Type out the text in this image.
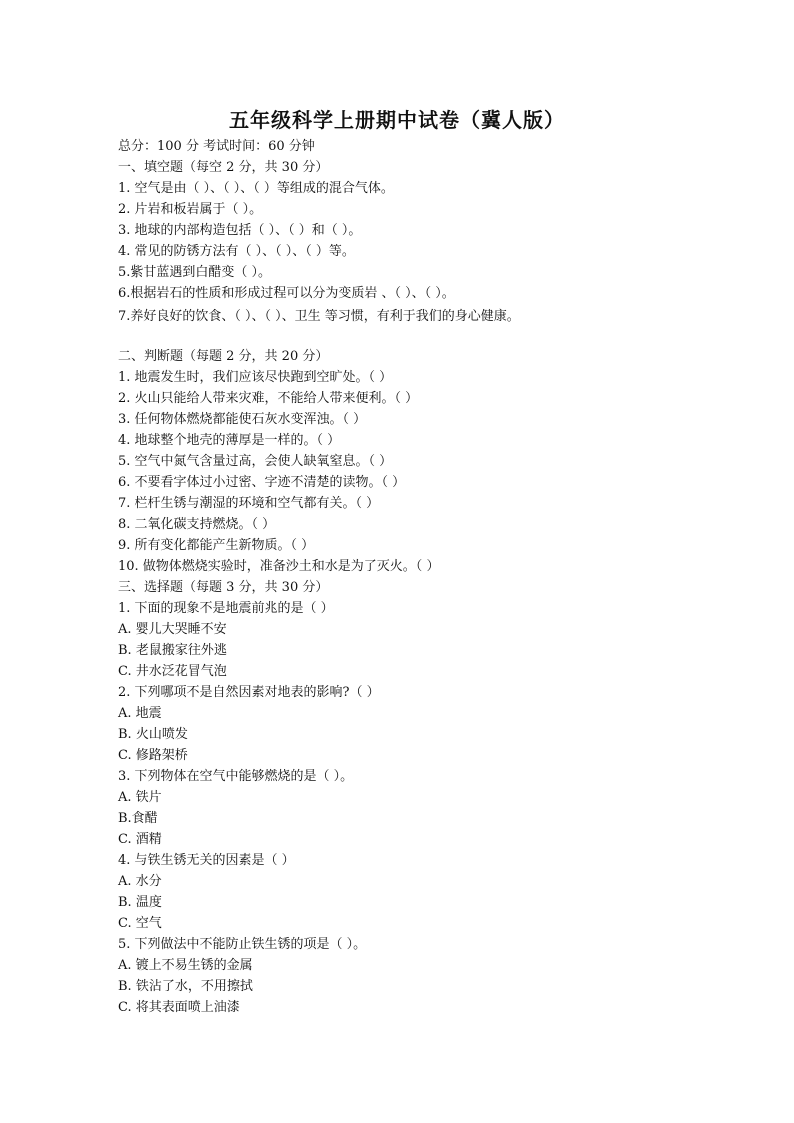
五年级科学上册期中试卷（冀人版）
总分：100 分 考试时间：60 分钟
一、填空题（每空 2 分，共 30 分）
1. 空气是由（ ）、（ ）、（ ）等组成的混合气体。
2. 片岩和板岩属于（ ）。
3. 地球的内部构造包括（ ）、（ ）和（ ）。
4. 常见的防锈方法有（ ）、（ ）、（ ）等。
5.紫甘蓝遇到白醋变（ ）。
6.根据岩石的性质和形成过程可以分为变质岩 、（ ）、（ ）。
7.养好良好的饮食、（ ）、（ ）、卫生 等习惯，有利于我们的身心健康。
二、判断题（每题 2 分，共 20 分）
1. 地震发生时，我们应该尽快跑到空旷处。（ ）
2. 火山只能给人带来灾难，不能给人带来便利。（ ）
3. 任何物体燃烧都能使石灰水变浑浊。（ ）
4. 地球整个地壳的薄厚是一样的。（ ）
5. 空气中氮气含量过高，会使人缺氧窒息。（ ）
6. 不要看字体过小过密、字迹不清楚的读物。（ ）
7. 栏杆生锈与潮湿的环境和空气都有关。（ ）
8. 二氧化碳支持燃烧。（ ）
9. 所有变化都能产生新物质。（ ）
10. 做物体燃烧实验时，准备沙土和水是为了灭火。（ ）
三、选择题（每题 3 分，共 30 分）
1. 下面的现象不是地震前兆的是（ ）
A. 婴儿大哭睡不安
B. 老鼠搬家往外逃
C. 井水泛花冒气泡
2. 下列哪项不是自然因素对地表的影响?（ ）
A. 地震
B. 火山喷发
C. 修路架桥
3. 下列物体在空气中能够燃烧的是（ ）。
A. 铁片
B.食醋
C. 酒精
4. 与铁生锈无关的因素是（ ）
A. 水分
B. 温度
C. 空气
5. 下列做法中不能防止铁生锈的项是（ ）。
A. 镀上不易生锈的金属
B. 铁沾了水，不用擦拭
C. 将其表面喷上油漆
